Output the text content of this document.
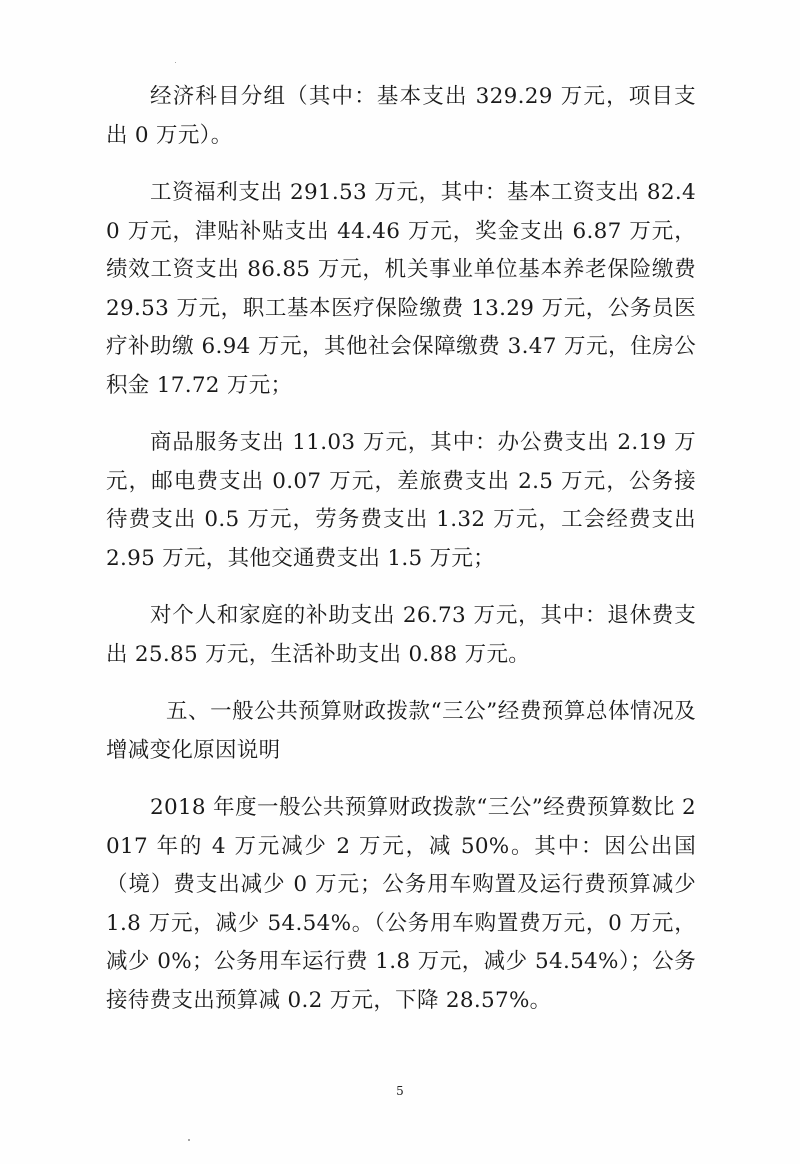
经济科目分组（其中：基本支出 329.29 万元，项目支出 0 万元）。

工资福利支出 291.53 万元，其中：基本工资支出 82.40 万元，津贴补贴支出 44.46 万元，奖金支出 6.87 万元，绩效工资支出 86.85 万元，机关事业单位基本养老保险缴费 29.53 万元，职工基本医疗保险缴费 13.29 万元，公务员医疗补助缴 6.94 万元，其他社会保障缴费 3.47 万元，住房公积金 17.72 万元；

商品服务支出 11.03 万元，其中：办公费支出 2.19 万元，邮电费支出 0.07 万元，差旅费支出 2.5 万元，公务接待费支出 0.5 万元，劳务费支出 1.32 万元，工会经费支出 2.95 万元，其他交通费支出 1.5 万元；

对个人和家庭的补助支出 26.73 万元，其中：退休费支出 25.85 万元，生活补助支出 0.88 万元。

五、一般公共预算财政拨款“三公”经费预算总体情况及增减变化原因说明

2018 年度一般公共预算财政拨款“三公”经费预算数比 2017 年的 4 万元减少 2 万元，减 50%。其中：因公出国（境）费支出减少 0 万元；公务用车购置及运行费预算减少 1.8 万元，减少 54.54%。（公务用车购置费万元，0 万元，减少 0%；公务用车运行费 1.8 万元，减少 54.54%）；公务接待费支出预算减 0.2 万元，下降 28.57%。

5
